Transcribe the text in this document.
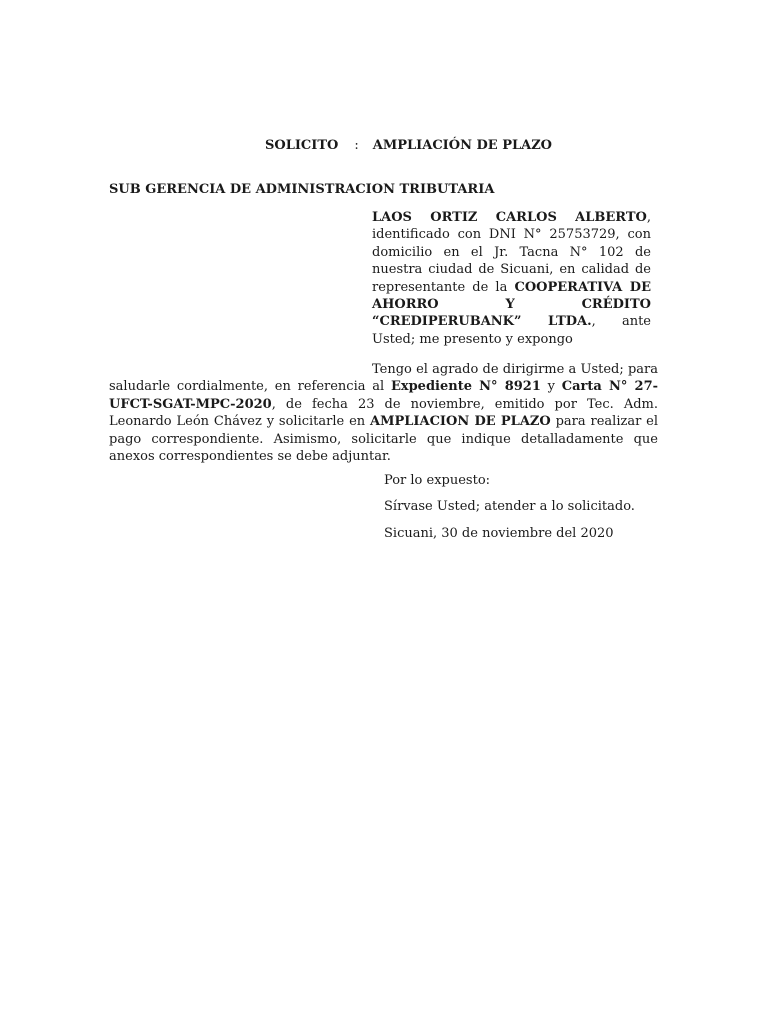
SOLICITO : AMPLIACIÓN DE PLAZO
SUB GERENCIA DE ADMINISTRACION TRIBUTARIA
LAOS ORTIZ CARLOS ALBERTO, identificado con DNI N° 25753729, con domicilio en el Jr. Tacna N° 102 de nuestra ciudad de Sicuani, en calidad de representante de la COOPERATIVA DE AHORRO Y CRÉDITO “CREDIPERUBANK” LTDA., ante Usted; me presento y expongo
Tengo el agrado de dirigirme a Usted; para saludarle cordialmente, en referencia al Expediente N° 8921 y Carta N° 27-UFCT-SGAT-MPC-2020, de fecha 23 de noviembre, emitido por Tec. Adm. Leonardo León Chávez y solicitarle en AMPLIACION DE PLAZO para realizar el pago correspondiente. Asimismo, solicitarle que indique detalladamente que anexos correspondientes se debe adjuntar.
Por lo expuesto:
Sírvase Usted; atender a lo solicitado.
Sicuani, 30 de noviembre del 2020
